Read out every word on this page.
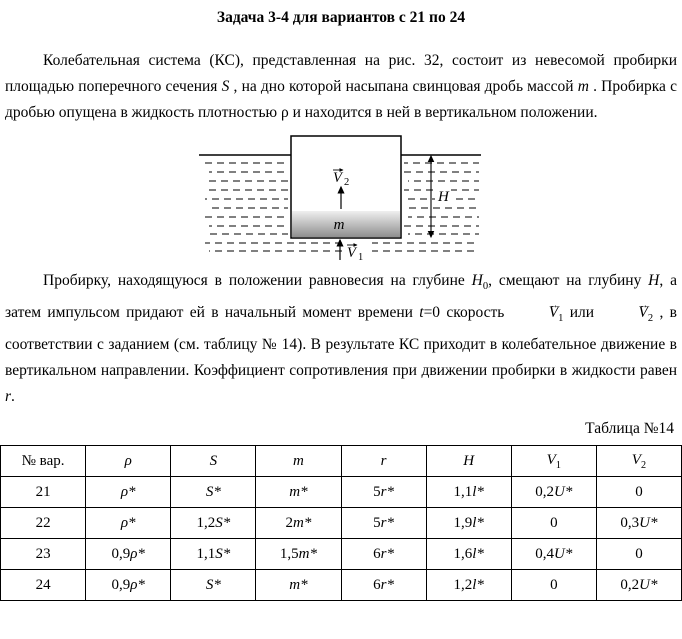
Задача 3-4 для вариантов с 21 по 24

Колебательная система (КС), представленная на рис. 32, состоит из невесомой пробирки площадью поперечного сечения S , на дно которой насыпана свинцовая дробь массой m . Пробирка с дробью опущена в жидкость плотностью ρ и находится в ней в вертикальном положении.

m
V 2
H
V 1

Пробирку, находящуюся в положении равновесия на глубине $H_0$, смещают на глубину H, а затем импульсом придают ей в начальный момент времени t=0 скорость → $V_1$ или → $V_2$ , в соответствии с заданием (см. таблицу № 14). В результате КС приходит в колебательное движение в вертикальном направлении. Коэффициент сопротивления при движении пробирки в жидкости равен r.

Таблица №14
№ вар.	ρ	S	m	r	H	$V_1$	$V_2$
21	ρ*	S*	m*	5r*	1,1l*	0,2U*	0
22	ρ*	1,2S*	2m*	5r*	1,9l*	0	0,3U*
23	0,9ρ*	1,1S*	1,5m*	6r*	1,6l*	0,4U*	0
24	0,9ρ*	S*	m*	6r*	1,2l*	0	0,2U*
